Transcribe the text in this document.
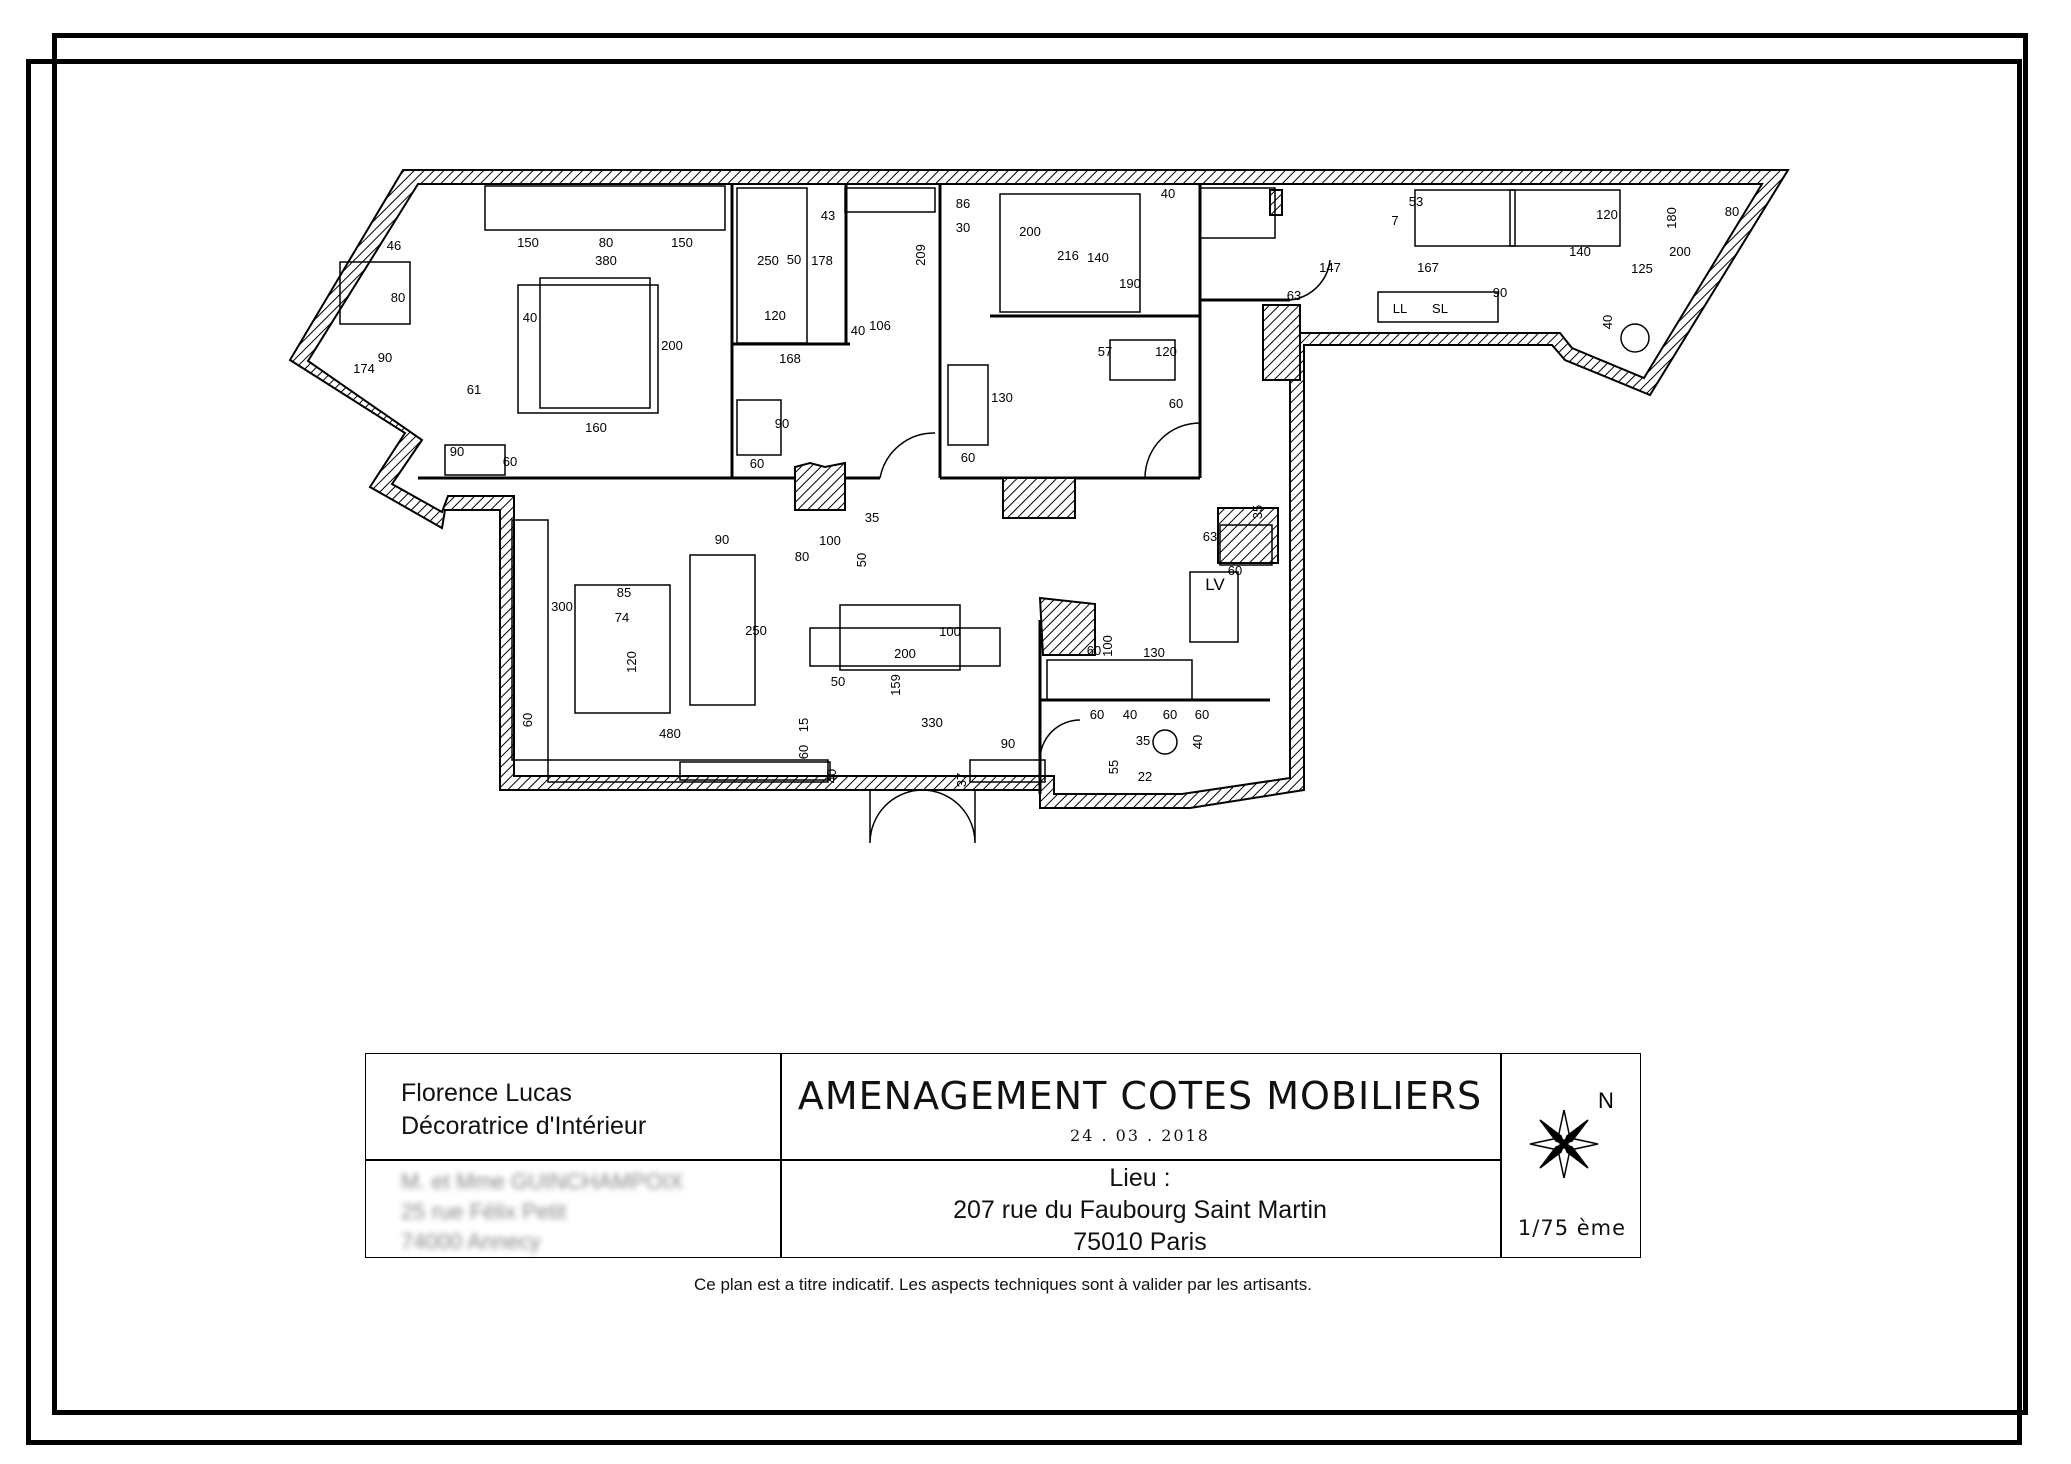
150	80	150
380
46
80
40
200
160
61
90
60
174
90
43
250 50 178
120
40 106
168
90
60
100
35
209
30
86
216 140
190
200
40
57	120
60
130
60
147	167
140	200
125
7
53
120	180	80
90
63
40
35
63
60
90
80
85
74
300
120
250
50
200
100
159
330
480
60	15
60
40
90
37
100
60	130
60 40 60 60
40
35
55
22
50
LV
LL SL
Florence Lucas
Décoratrice d'Intérieur
M. et Mme GUINCHAMPOIX
25 rue Félix Petit
74000 Annecy
AMENAGEMENT COTES MOBILIERS
24 . 03 . 2018
Lieu :
207 rue du Faubourg Saint Martin
75010 Paris
N
1/75 ème
Ce plan est a titre indicatif. Les aspects techniques sont à valider par les artisants.
